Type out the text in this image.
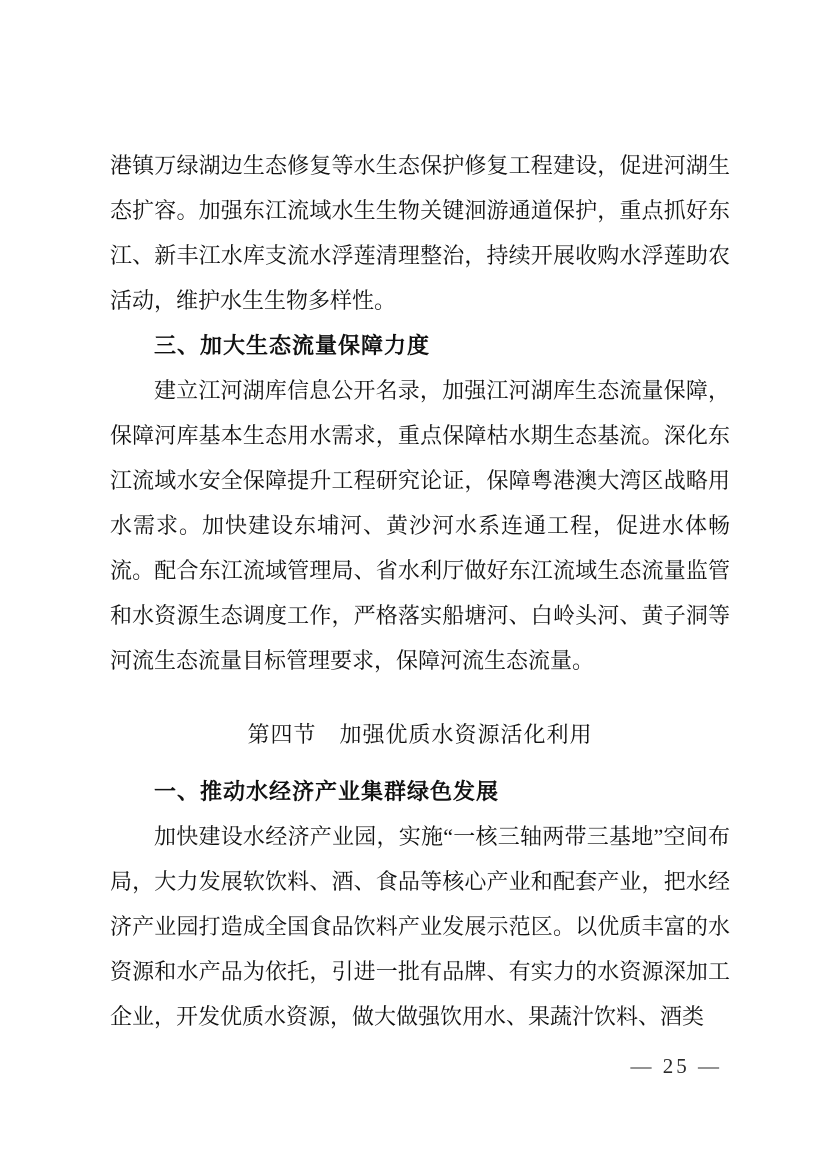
港镇万绿湖边生态修复等水生态保护修复工程建设，促进河湖生态扩容。加强东江流域水生生物关键洄游通道保护，重点抓好东江、新丰江水库支流水浮莲清理整治，持续开展收购水浮莲助农活动，维护水生生物多样性。

三、加大生态流量保障力度

建立江河湖库信息公开名录，加强江河湖库生态流量保障，保障河库基本生态用水需求，重点保障枯水期生态基流。深化东江流域水安全保障提升工程研究论证，保障粤港澳大湾区战略用水需求。加快建设东埔河、黄沙河水系连通工程，促进水体畅流。配合东江流域管理局、省水利厅做好东江流域生态流量监管和水资源生态调度工作，严格落实船塘河、白岭头河、黄子洞等河流生态流量目标管理要求，保障河流生态流量。

第四节　加强优质水资源活化利用
一、推动水经济产业集群绿色发展

加快建设水经济产业园，实施“一核三轴两带三基地”空间布局，大力发展软饮料、酒、食品等核心产业和配套产业，把水经济产业园打造成全国食品饮料产业发展示范区。以优质丰富的水资源和水产品为依托，引进一批有品牌、有实力的水资源深加工企业，开发优质水资源，做大做强饮用水、果蔬汁饮料、酒类

— 25 —
